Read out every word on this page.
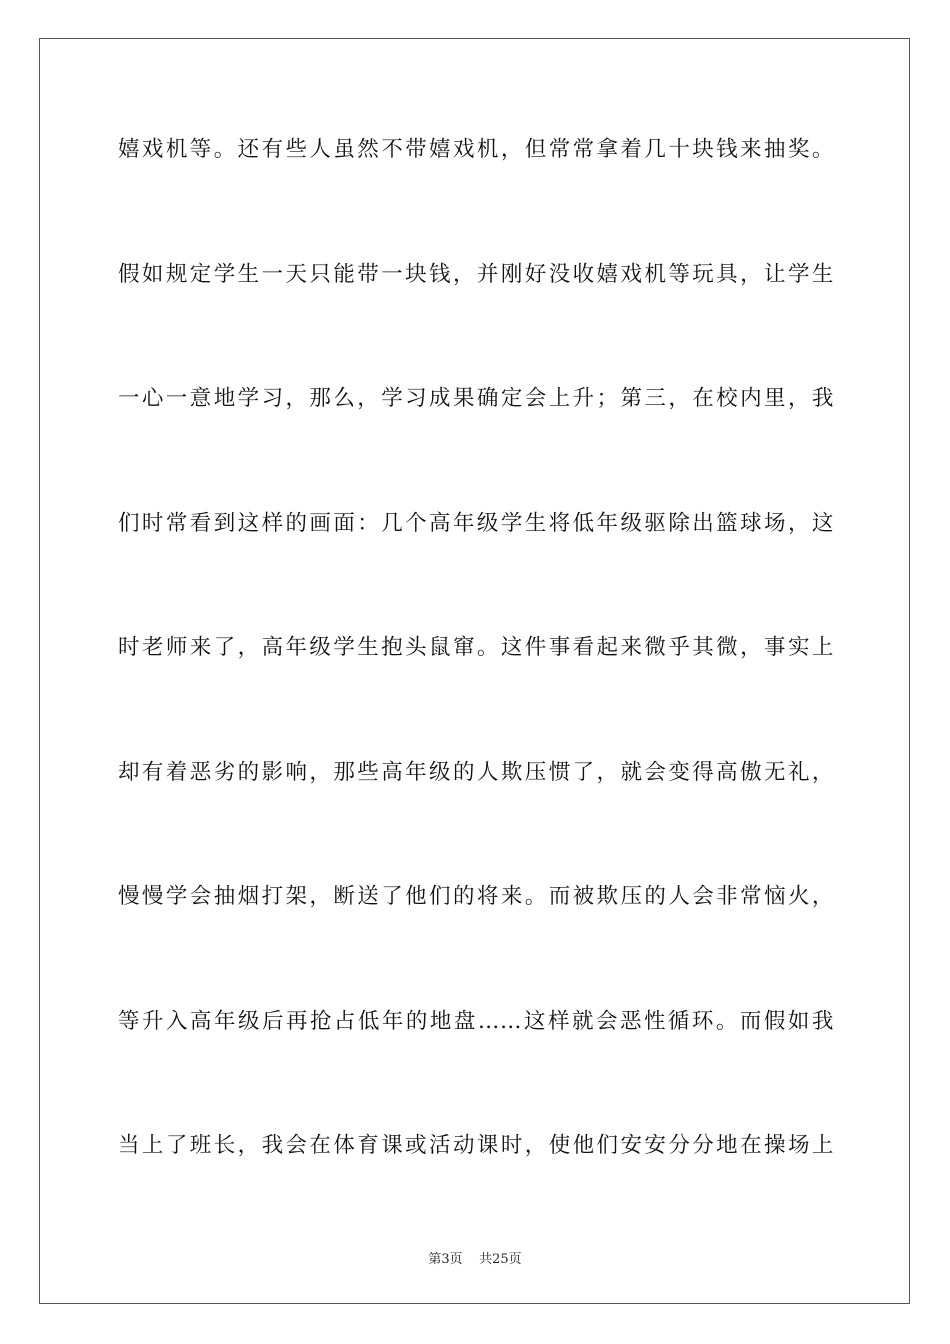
嬉戏机等。还有些人虽然不带嬉戏机，但常常拿着几十块钱来抽奖。
假如规定学生一天只能带一块钱，并刚好没收嬉戏机等玩具，让学生
一心一意地学习，那么，学习成果确定会上升；第三，在校内里，我
们时常看到这样的画面：几个高年级学生将低年级驱除出篮球场，这
时老师来了，高年级学生抱头鼠窜。这件事看起来微乎其微，事实上
却有着恶劣的影响，那些高年级的人欺压惯了，就会变得高傲无礼，
慢慢学会抽烟打架，断送了他们的将来。而被欺压的人会非常恼火，
等升入高年级后再抢占低年的地盘……这样就会恶性循环。而假如我
当上了班长，我会在体育课或活动课时，使他们安安分分地在操场上
第3页 共25页
